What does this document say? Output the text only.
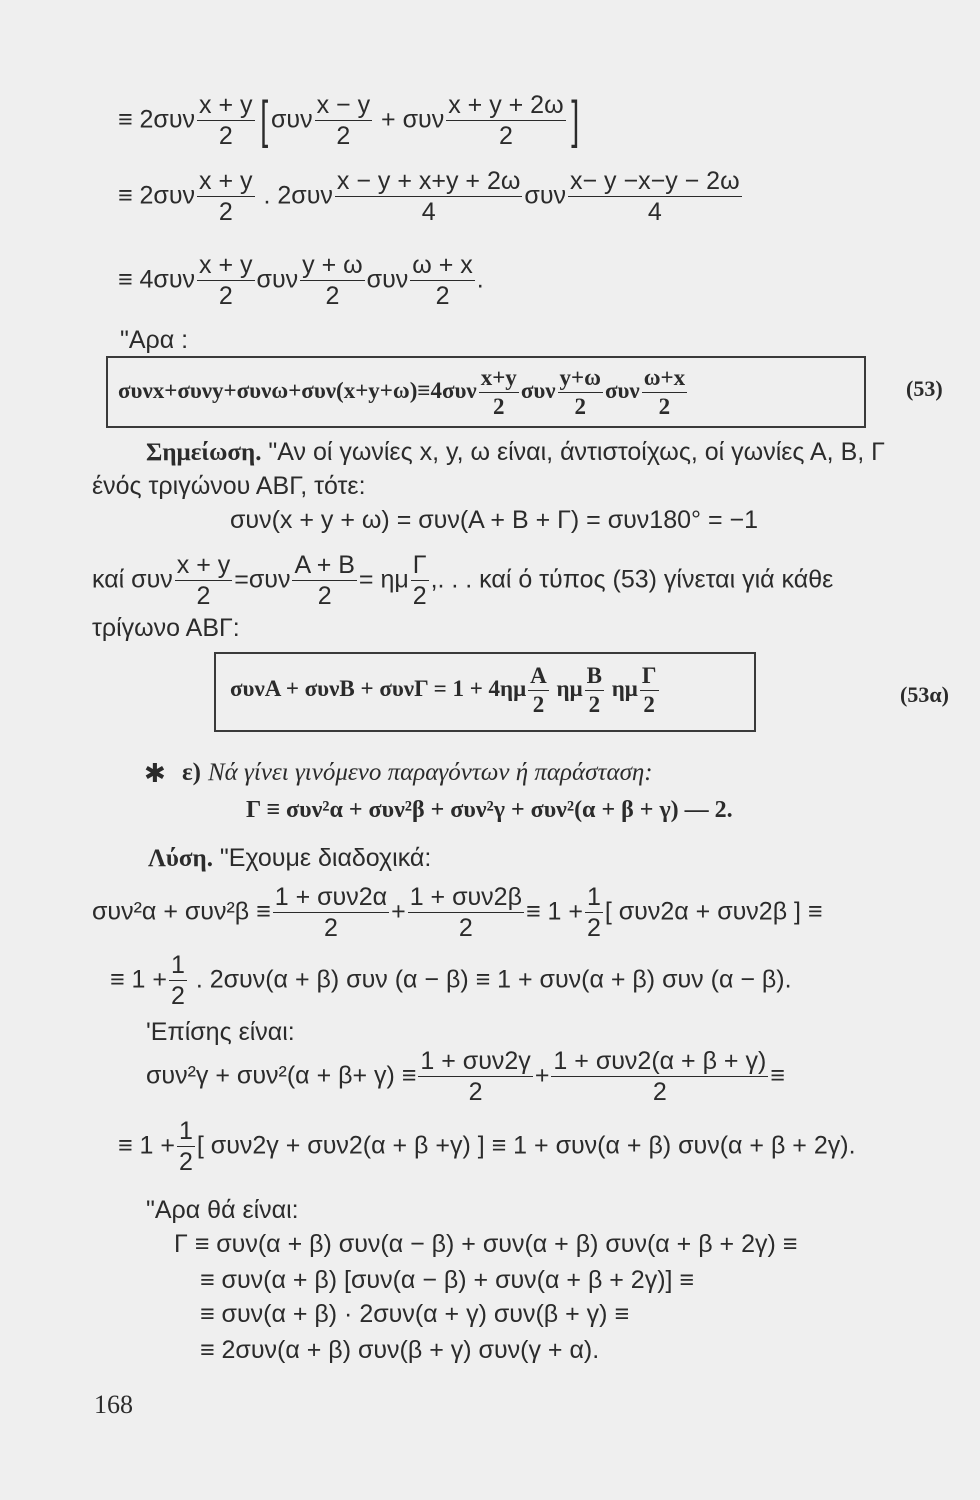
≡ $2\sigma\upsilon\nu \frac{x + y}{2}$ [ συν $\frac{x - y}{2} + \sigma\upsilon\nu \frac{x + y + 2\omega}{2}$ ]
≡ $2\sigma\upsilon\nu \frac{x + y}{2}$ . $2\sigma\upsilon\nu \frac{x - y + x+y + 2\omega}{4}$ συν $\frac{x- y -x-y - 2\omega}{4}$
≡ $4\sigma\upsilon\nu \frac{x + y}{2}$ συν $\frac{y + \omega}{2}$ συν $\frac{\omega + x}{2}$ .
"Αρα :
$\sigma\upsilon\nu x+\sigma\upsilon\nu y+\sigma\upsilon\nu\omega+\sigma\upsilon\nu(x+y+\omega)\equiv 4\sigma\upsilon\nu \frac{x+y}{2}$ συν $\frac{y+\omega}{2}$ συν $\frac{\omega+x}{2}$	(53)
Σημείωση. "Αν οί γωνίες x, y, ω είναι, άντιστοίχως, οί γωνίες Α, Β, Γ
ένός τριγώνου ΑΒΓ, τότε:
συν(x + y + ω) = συν(Α + Β + Γ) = συν180° = −1
καί συν $\frac{x + y}{2} =\sigma\upsilon\nu \frac{A + B}{2} = \eta\mu \frac{\Gamma}{2}$ ,. . . καί ό τύπος (53) γίνεται γιά κάθε
τρίγωνο ΑΒΓ:
$\sigma\upsilon\nu A + \sigma\upsilon\nu B + \sigma\upsilon\nu\Gamma = 1 + 4\eta\mu \frac{A}{2}$ ημ $\frac{B}{2}$ ημ $\frac{\Gamma}{2}$	(53α)
✱ ε) Νά γίνει γινόμενο παραγόντων ή παράσταση:
Γ ≡ συν²α + συν²β + συν²γ + συν²(α + β + γ) — 2.
Λύση. "Εχουμε διαδοχικά:
$\sigma\upsilon\nu^2\alpha + \sigma\upsilon\nu^2\beta \equiv \frac{\text{1 + συν2α}}{2} + \frac{\text{1 + συν2β}}{2} \equiv 1 + \frac{1}{2}$ [ συν2α + συν2β ] ≡
≡ $1 + \frac{1}{2}$ . 2συν(α + β) συν (α − β) ≡ 1 + συν(α + β) συν (α − β).
'Επίσης είναι:
$\sigma\upsilon\nu^2\gamma + \sigma\upsilon\nu^2(\alpha + \beta+ \gamma) \equiv \frac{\text{1 + συν2γ}}{2} + \frac{\text{1 + συν2(α + β + γ)}}{2}$ ≡
≡ $1 + \frac{1}{2}$ [ συν2γ + συν2(α + β +γ) ] ≡ 1 + συν(α + β) συν(α + β + 2γ).
"Αρα θά είναι:
Γ ≡ συν(α + β) συν(α − β) + συν(α + β) συν(α + β + 2γ) ≡
≡ συν(α + β) [συν(α − β) + συν(α + β + 2γ)] ≡
≡ συν(α + β) · 2συν(α + γ) συν(β + γ) ≡
≡ 2συν(α + β) συν(β + γ) συν(γ + α).
168
